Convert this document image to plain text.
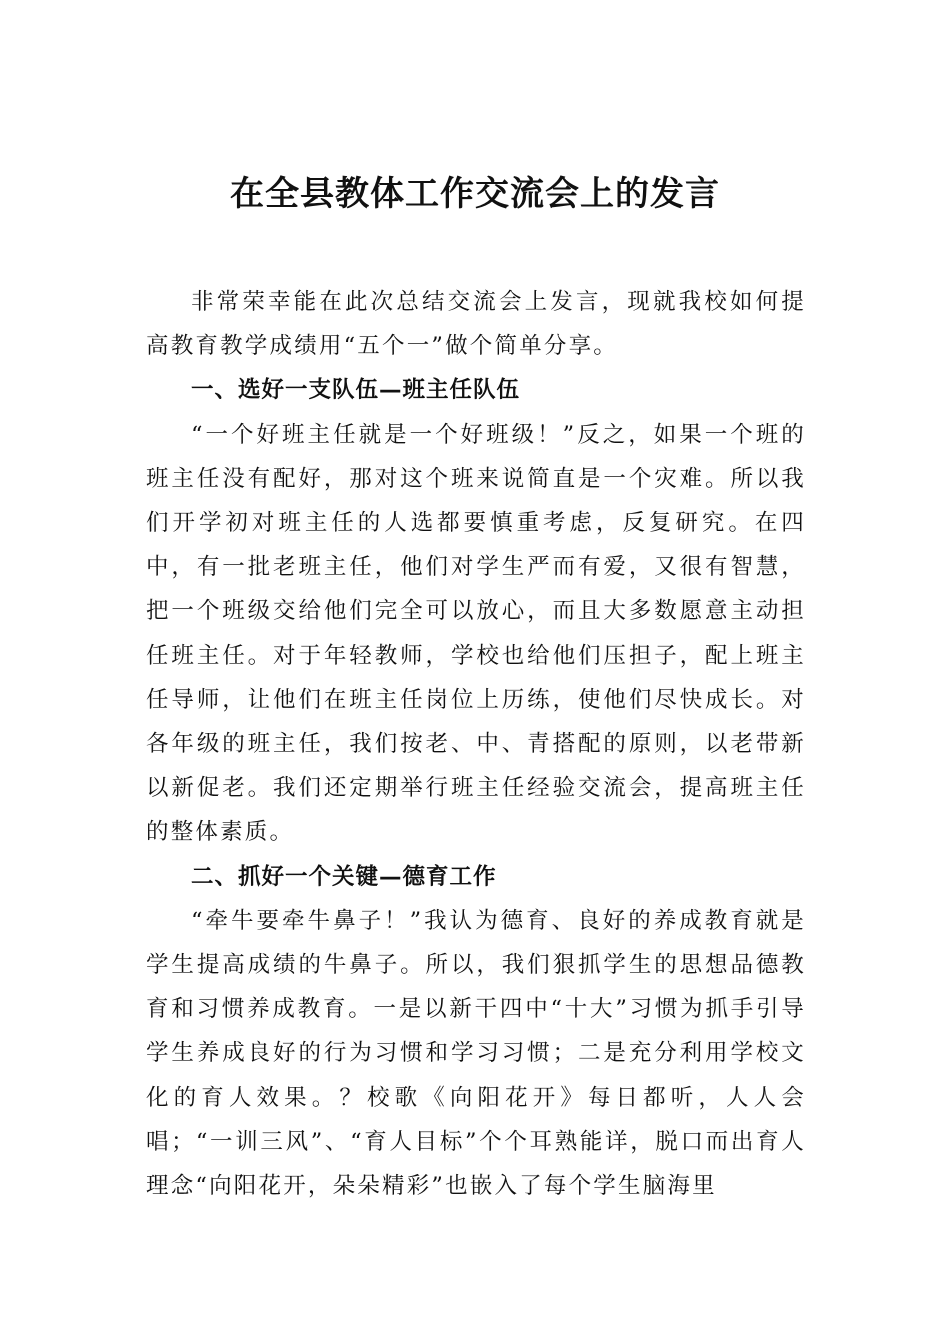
在全县教体工作交流会上的发言

非常荣幸能在此次总结交流会上发言，现就我校如何提高教育教学成绩用“五个一”做个简单分享。

一、选好一支队伍—班主任队伍

“一个好班主任就是一个好班级！”反之，如果一个班的班主任没有配好，那对这个班来说简直是一个灾难。所以我们开学初对班主任的人选都要慎重考虑，反复研究。在四中，有一批老班主任，他们对学生严而有爱，又很有智慧，把一个班级交给他们完全可以放心，而且大多数愿意主动担任班主任。对于年轻教师，学校也给他们压担子，配上班主任导师，让他们在班主任岗位上历练，使他们尽快成长。对各年级的班主任，我们按老、中、青搭配的原则，以老带新以新促老。我们还定期举行班主任经验交流会，提高班主任的整体素质。

二、抓好一个关键—德育工作

“牵牛要牵牛鼻子！”我认为德育、良好的养成教育就是学生提高成绩的牛鼻子。所以，我们狠抓学生的思想品德教育和习惯养成教育。一是以新干四中“十大”习惯为抓手引导学生养成良好的行为习惯和学习习惯；二是充分利用学校文化的育人效果。？校歌《向阳花开》每日都听，人人会唱；“一训三风”、“育人目标”个个耳熟能详，脱口而出育人理念“向阳花开，朵朵精彩”也嵌入了每个学生脑海里
